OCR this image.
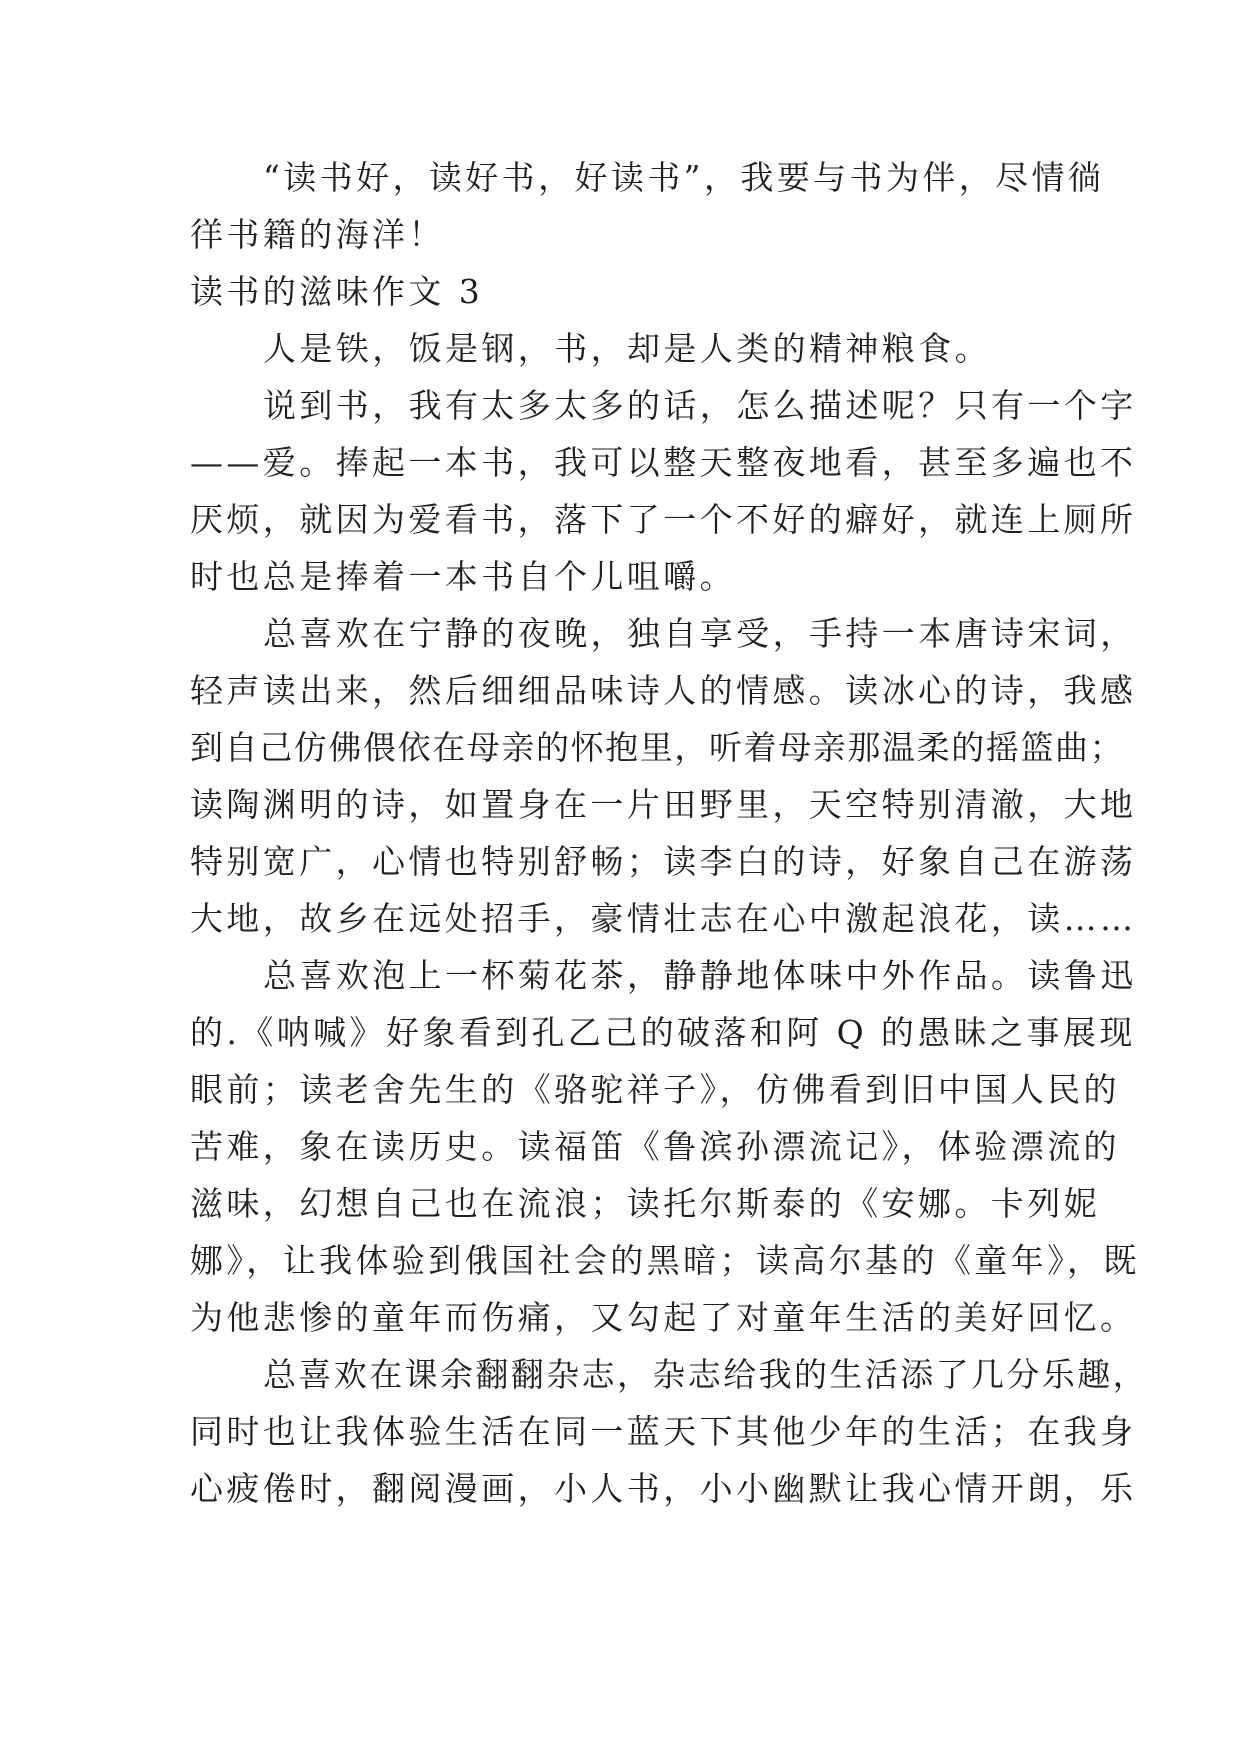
“读书好，读好书，好读书”，我要与书为伴，尽情徜
徉书籍的海洋！
读书的滋味作文 3
人是铁，饭是钢，书，却是人类的精神粮食。
说到书，我有太多太多的话，怎么描述呢？只有一个字
——爱。捧起一本书，我可以整天整夜地看，甚至多遍也不
厌烦，就因为爱看书，落下了一个不好的癖好，就连上厕所
时也总是捧着一本书自个儿咀嚼。
总喜欢在宁静的夜晚，独自享受，手持一本唐诗宋词，
轻声读出来，然后细细品味诗人的情感。读冰心的诗，我感
到自己仿佛偎依在母亲的怀抱里，听着母亲那温柔的摇篮曲；
读陶渊明的诗，如置身在一片田野里，天空特别清澈，大地
特别宽广，心情也特别舒畅；读李白的诗，好象自己在游荡
大地，故乡在远处招手，豪情壮志在心中激起浪花，读……
总喜欢泡上一杯菊花茶，静静地体味中外作品。读鲁迅
的.《呐喊》好象看到孔乙己的破落和阿 Q 的愚昧之事展现
眼前；读老舍先生的《骆驼祥子》，仿佛看到旧中国人民的
苦难，象在读历史。读福笛《鲁滨孙漂流记》，体验漂流的
滋味，幻想自己也在流浪；读托尔斯泰的《安娜。卡列妮
娜》，让我体验到俄国社会的黑暗；读高尔基的《童年》，既
为他悲惨的童年而伤痛，又勾起了对童年生活的美好回忆。
总喜欢在课余翻翻杂志，杂志给我的生活添了几分乐趣，
同时也让我体验生活在同一蓝天下其他少年的生活；在我身
心疲倦时，翻阅漫画，小人书，小小幽默让我心情开朗，乐
